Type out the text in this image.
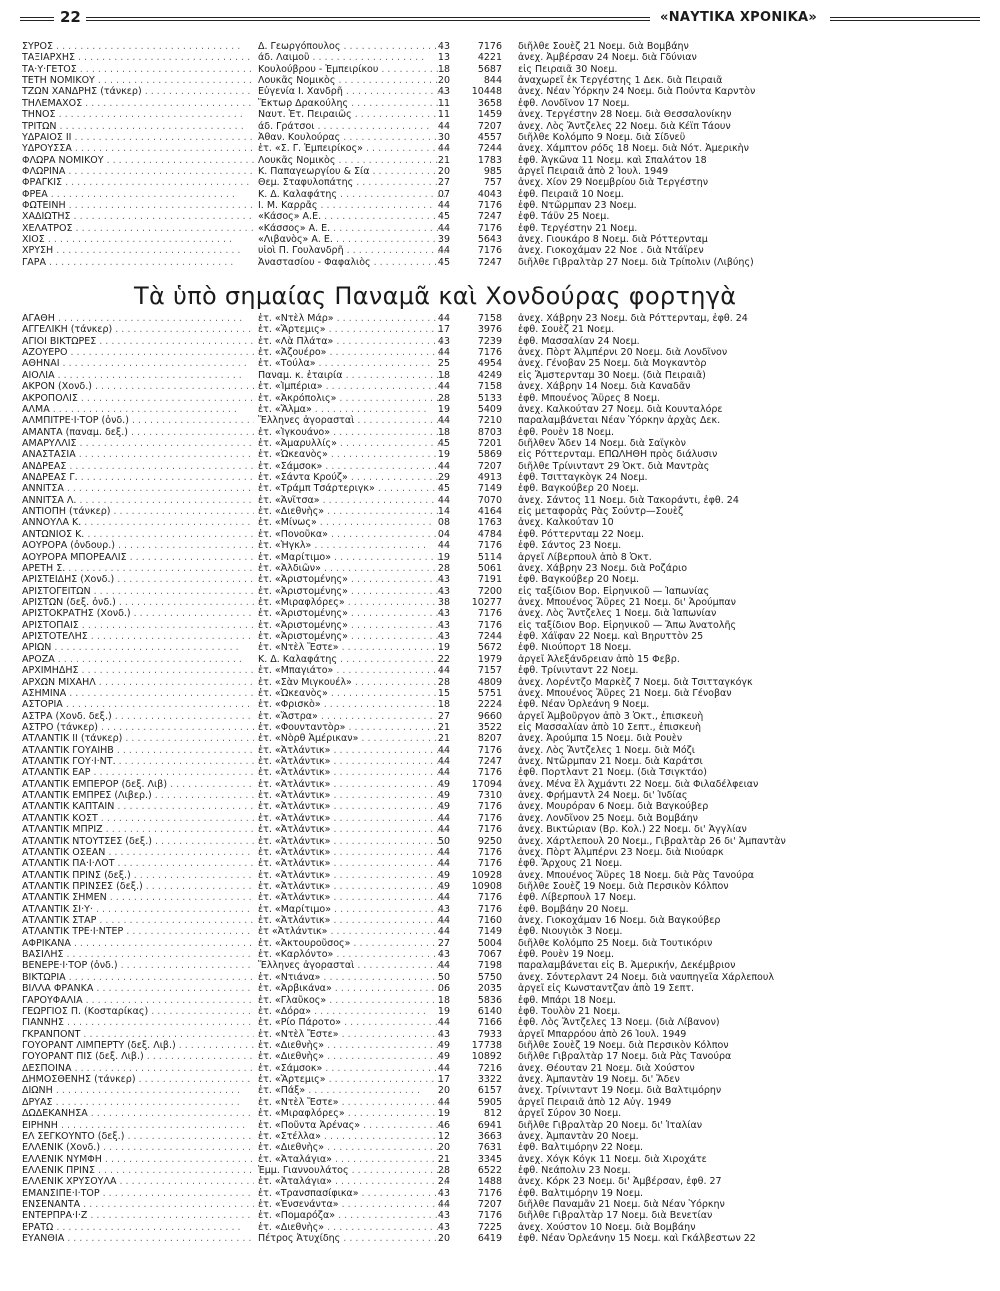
22	«ΝΑΥΤΙΚΑ ΧΡΟΝΙΚΑ»
ΣΥΡΟΣ . . .	Δ. Γεωργόπουλος . . .	43	7176 διῆλθε Σουὲζ 21 Νοεμ. διὰ Βομβάην
ΤΑΞΙΑΡΧΗΣ . . .	άδ. Λαιμοῦ . . .	13	4221 ἀνεχ. Ἀμβέρσαν 24 Νοεμ. διὰ Γδύνιαν
ΤΑ·Υ·ΓΕΤΟΣ . . .	Κουλούβρου - Ἐμπειρίκου . . .	18	5687 εἰς Πειραιᾶ 30 Νοεμ.
ΤΕΤΗ ΝΟΜΙΚΟΥ . . .	Λουκᾶς Νομικὸς . . .	20	844 ἀναχωρεῖ ἐκ Τεργέστης 1 Δεκ. διὰ Πειραιᾶ
ΤΖΩΝ ΧΑΝΔΡΗΣ (τάνκερ) . . .	Εὐγενία Ι. Χανδρῆ . . .	43	10448 ἀνεχ. Νέαν Ὑόρκην 24 Νοεμ. διὰ Πούντα Καρντὸν
ΤΗΛΕΜΑΧΟΣ . . .	Ἕκτωρ Δρακούλης . . .	11	3658 ἐφθ. Λονδῖνον 17 Νοεμ.
ΤΗΝΟΣ . . .	Ναυτ. Ἑτ. Πειραιῶς . . .	11	1459 ἀνεχ. Τεργέστην 28 Νοεμ. διὰ Θεσσαλονίκην
ΤΡΙΤΩΝ . . .	άδ. Γράτσοι . . .	44	7207 ἀνεχ. Λὸς Ἄντζελες 22 Νοεμ. διὰ Κέϊπ Τάουν
ΥΔΡΑΙΟΣ ΙΙ . . .	Ἀθαν. Κουλούρας . . .	30	4557 διῆλθε Κολόμπο 9 Νοεμ. διὰ Σίδνεϋ
ΥΔΡΟΥΣΣΑ . . .	ἑτ. «Σ. Γ. Ἐμπειρίκος» . . .	44	7244 ἀνεχ. Χάμπτον ρόδς 18 Νοεμ. διὰ Νότ. Ἀμερικὴν
ΦΛΩΡΑ ΝΟΜΙΚΟΥ . . .	Λουκᾶς Νομικὸς . . .	21	1783 ἐφθ. Ἀγκῶνα 11 Νοεμ. καὶ Σπαλάτον 18
ΦΛΩΡΙΝΑ . . .	Κ. Παπαγεωργίου & Σία . . .	20	985 ἀργεῖ Πειραιᾶ ἀπὸ 2 Ἰουλ. 1949
ΦΡΑΓΚΙΣ . . .	Θεμ. Σταφυλοπάτης . . .	27	757 ἀνεχ. Χίον 29 Νοεμβρίου διὰ Τεργέστην
ΦΡΕΑ . . .	Κ. Δ. Καλαφάτης . . .	07	4043 ἐφθ. Πειραιᾶ 10 Νοεμ.
ΦΩΤΕΙΝΗ . . .	Ι. Μ. Καρρᾶς . . .	44	7176 ἐφθ. Ντῶρμπαν 23 Νοεμ.
ΧΑΔΙΩΤΗΣ . . .	«Κάσος» Α.Ε. . . .	45	7247 ἐφθ. Τάϋν 25 Νοεμ.
ΧΕΛΑΤΡΟΣ . . .	«Κάσσος» Α. Ε. . . .	44	7176 ἐφθ. Τεργέστην 21 Νοεμ.
ΧΙΟΣ . . .	«Λιβανὸς» Α. Ε. . . .	39	5643 ἀνεχ. Γιουκάρο 8 Νοεμ. διὰ Ρόττερνταμ
ΧΡΥΣΗ . . .	υἱοὶ Π. Γουλανδρῆ . . .	44	7176 ἀνεχ. Γιοκοχάμαν 22 Νοε . διὰ Ντάϊρεν
ΓΑΡΑ . . .	Ἀναστασίου - Φαφαλιὸς . . .	45	7247 διῆλθε Γιβραλτὰρ 27 Νοεμ. διὰ Τρίπολιν (Λιβύης)
Τὰ ὑπὸ σημαίας Παναμᾶ καὶ Χονδούρας φορτηγὰ
ΑΓΑΘΗ . . .	ἑτ. «Ντὲλ Μάρ» . . .	44	7158 ἀνεχ. Χάβρην 23 Νοεμ. διὰ Ρόττερνταμ, ἐφθ. 24
ΑΓΓΕΛΙΚΗ (τάνκερ) . . .	ἑτ. «Ἄρτεμις» . . .	17	3976 ἐφθ. Σουὲζ 21 Νοεμ.
ΑΓΙΟΙ ΒΙΚΤΩΡΕΣ . . .	ἑτ. «Λὰ Πλάτα» . . .	43	7239 ἐφθ. Μασσαλίαν 24 Νοεμ.
ΑΖΟΥΕΡΟ . . .	ἑτ. «Ἀζουέρο» . . .	44	7176 ἀνεχ. Πὸρτ Ἀλμπέρνι 20 Νοεμ. διὰ Λονδῖνον
ΑΘΗΝΑΙ . . .	ἑτ. «Τούλα» . . .	25	4954 ἀνεχ. Γένοβαν 25 Νοεμ. διὰ Μογκαντὸρ
ΑΙΟΛΙΑ . . .	Παναμ. κ. ἑταιρία . . .	18	4249 εἰς Ἄμστερνταμ 30 Νοεμ. (διὰ Πειραιᾶ)
ΑΚΡΟΝ (Χονδ.) . . .	ἑτ. «Ἰμπέρια» . . .	44	7158 ἀνεχ. Χάβρην 14 Νοεμ. διὰ Καναδᾶν
ΑΚΡΟΠΟΛΙΣ . . .	ἑτ. «Ἀκρόπολις» . . .	28	5133 ἐφθ. Μπουένος Ἄϋρες 8 Νοεμ.
ΑΛΜΑ . . .	ἑτ. «Ἄλμα» . . .	19	5409 ἀνεχ. Καλκούταν 27 Νοεμ. διὰ Κουνταλόρε
ΑΛΜΠΙΤΡΕ·Ι·ΤΟΡ (ὀνδ.) . . .	Ἕλληνες ἀγορασταὶ . . .	44	7210 παραλαμβάνεται Νέαν Ὑόρκην ἀρχὰς Δεκ.
ΑΜΑΝΤΑ (παναμ. δεξ.) . . .	ἑτ. «Ἰγκουάνο» . . .	18	8703 ἐφθ. Ρουὲν 18 Νοεμ.
ΑΜΑΡΥΛΛΙΣ . . .	ἑτ. «Ἀμαρυλλίς» . . .	45	7201 διῆλθεν Ἄδεν 14 Νοεμ. διὰ Σαϊγκὸν
ΑΝΑΣΤΑΣΙΑ . . .	ἑτ. «Ὠκεανὸς» . . .	19	5869 εἰς Ρόττερνταμ. ΕΠΩΛΗΘΗ πρὸς διάλυσιν
ΑΝΔΡΕΑΣ . . .	ἑτ. «Σάμσοκ» . . .	44	7207 διῆλθε Τρίνινταντ 29 Ὀκτ. διὰ Μαντρὰς
ΑΝΔΡΕΑΣ Γ. . . .	ἑτ. «Σάντα Κρούζ» . . .	29	4913 ἐφθ. Τσιτταγκὸγκ 24 Νοεμ.
ΑΝΝΙΤΣΑ . . .	ἑτ. «Τράμπ Τσάρτεριγκ» . . .	45	7149 ἐφθ. Βαγκούβερ 20 Νοεμ.
ΑΝΝΙΤΣΑ Λ. . . .	ἑτ. «Ἀνῖτσα» . . .	44	7070 ἀνεχ. Σάντος 11 Νοεμ. διὰ Τακοράντι, ἐφθ. 24
ΑΝΤΙΟΠΗ (τάνκερ) . . .	ἑτ. «Διεθνὴς» . . .	14	4164 εἰς μεταφορὰς Ρὰς Σούντρ—Σουὲζ
ΑΝΝΟΥΛΑ Κ. . . .	ἑτ. «Μίνως» . . .	08	1763 ἀνεχ. Καλκούταν 10
ΑΝΤΩΝΙΟΣ Κ. . . .	ἑτ. «Πονοῦκα» . . .	04	4784 ἐφθ. Ρόττερνταμ 22 Νοεμ.
ΑΟΥΡΟΡΑ (ὀνδουρ.) . . .	ἑτ. «Ἠγκλ» . . .	44	7176 ἐφθ. Σάντος 23 Νοεμ.
ΑΟΥΡΟΡΑ ΜΠΟΡΕΑΛΙΣ . . .	ἑτ. «Μαρίτιμο» . . .	19	5114 ἀργεῖ Λίβερπουλ ἀπὸ 8 Ὀκτ.
ΑΡΕΤΗ Σ. . . .	ἑτ. «Ἀλδιῶν» . . .	28	5061 ἀνεχ. Χάβρην 23 Νοεμ. διὰ Ροζάριο
ΑΡΙΣΤΕΙΔΗΣ (Χονδ.) . . .	ἑτ. «Ἀριστομένης» . . .	43	7191 ἐφθ. Βαγκούβερ 20 Νοεμ.
ΑΡΙΣΤΟΓΕΙΤΩΝ . . .	ἑτ. «Ἀριστομένης» . . .	43	7200 εἰς ταξίδιον Βορ. Εἰρηνικοῦ — Ἰαπωνίας
ΑΡΙΣΤΩΝ (δεξ. ὀνδ.) . . .	ἑτ. «Μιραφλόρες» . . .	38	10277 ἀνεχ. Μπουένος Ἄϋρες 21 Νοεμ. δι' Ἀρούμπαν
ΑΡΙΣΤΟΚΡΑΤΗΣ (Χονδ.) . . .	ἑτ. «Ἀριστομένης» . . .	43	7176 ἀνεχ. Λὸς Ἄντζελες 1 Νοεμ. διὰ Ἰαπωνίαν
ΑΡΙΣΤΟΠΑΙΣ . . .	ἑτ. «Ἀριστομένης» . . .	43	7176 εἰς ταξίδιον Βορ. Εἰρηνικοῦ — Ἄπω Ἀνατολῆς
ΑΡΙΣΤΟΤΕΛΗΣ . . .	ἑτ. «Ἀριστομένης» . . .	43	7244 ἐφθ. Χάϊφαν 22 Νοεμ. καὶ Βηρυττὸν 25
ΑΡΙΩΝ . . .	ἑτ. «Ντὲλ Ἔστε» . . .	19	5672 ἐφθ. Νιούπορτ 18 Νοεμ.
ΑΡΟΖΑ . . .	Κ. Δ. Καλαφάτης . . .	22	1979 ἀργεῖ Ἀλεξάνδρειαν ἀπὸ 15 Φεβρ.
ΑΡΧΙΜΗΔΗΣ . . .	ἑτ. «Μπαγιάτο» . . .	44	7157 ἐφθ. Τρίνινταντ 22 Νοεμ.
ΑΡΧΩΝ ΜΙΧΑΗΛ . . .	ἑτ. «Σὰν Μιγκουέλ» . . .	28	4809 ἀνεχ. Λορέντζο Μαρκὲζ 7 Νοεμ. διὰ Τσιτταγκόγκ
ΑΣΗΜΙΝΑ . . .	ἑτ. «Ὠκεανὸς» . . .	15	5751 ἀνεχ. Μπουένος Ἄϋρες 21 Νοεμ. διὰ Γένοβαν
ΑΣΤΟΡΙΑ . . .	ἑτ. «Φρισκὸ» . . .	18	2224 ἐφθ. Νέαν Ὀρλεάνη 9 Νοεμ.
ΑΣΤΡΑ (Χονδ. δεξ.) . . .	ἑτ. «Ἄστρα» . . .	27	9660 ἀργεῖ Ἀμβοῦργον ἀπὸ 3 Ὀκτ., ἐπισκευὴ
ΑΣΤΡΟ (τάνκερ) . . .	ἑτ. «Φουνταντὸρ» . . .	21	3522 εἰς Μασσαλίαν ἀπὸ 10 Σεπτ., ἐπισκευὴ
ΑΤΛΑΝΤΙΚ ΙΙ (τάνκερ) . . .	ἑτ. «Νὸρθ Ἀμέρικαν» . . .	21	8207 ἀνεχ. Ἀρούμπα 15 Νοεμ. διὰ Ρουὲν
ΑΤΛΑΝΤΙΚ ΓΟΥΑΙΗΒ . . .	ἑτ. «Ἀτλάντικ» . . .	44	7176 ἀνεχ. Λὸς Ἄντζελες 1 Νοεμ. διὰ Μόζι
ΑΤΛΑΝΤΙΚ ΓΟΥ·Ι·ΝΤ. . . .	ἑτ. «Ἀτλάντικ» . . .	44	7247 ἀνεχ. Ντῶρμπαν 21 Νοεμ. διὰ Καράτσι
ΑΤΛΑΝΤΙΚ ΕΑΡ . . .	ἑτ. «Ἀτλάντικ» . . .	44	7176 ἐφθ. Πορτλαντ 21 Νοεμ. (διὰ Τσιγκτάο)
ΑΤΛΑΝΤΙΚ ΕΜΠΕΡΟΡ (δεξ. Λιβ) . . .	ἑτ. «Ἀτλάντικ» . . .	49	17094 ἀνεχ. Μένα ἒλ Ἀχμάντι 22 Νοεμ. διὰ Φιλαδέλφειαν
ΑΤΛΑΝΤΙΚ ΕΜΠΡΕΣ (Λιβερ.) . . .	ἑτ. «Ἀτλάντικ» . . .	49	7310 ἀνεχ. Φρήμαντλ 24 Νοεμ. δι' Ἰνδίας
ΑΤΛΑΝΤΙΚ ΚΑΠΤΑΙΝ . . .	ἑτ. «Ἀτλάντικ» . . .	49	7176 ἀνεχ. Μουρόραν 6 Νοεμ. διὰ Βαγκούβερ
ΑΤΛΑΝΤΙΚ ΚΟΣΤ . . .	ἑτ. «Ἀτλάντικ» . . .	44	7176 ἀνεχ. Λονδῖνον 25 Νοεμ. διὰ Βομβάην
ΑΤΛΑΝΤΙΚ ΜΠΡΙΖ . . .	ἑτ. «Ἀτλάντικ» . . .	44	7176 ἀνεχ. Βικτώριαν (Βρ. Κολ.) 22 Νοεμ. δι' Ἀγγλίαν
ΑΤΛΑΝΤΙΚ ΝΤΟΥΤΣΕΣ (δεξ.) . . .	ἑτ. «Ἀτλάντικ» . . .	50	9250 ἀνεχ. Χάρτλεπουλ 20 Νοεμ., Γιβραλτὰρ 26 δι' Ἀμπαντὰν
ΑΤΛΑΝΤΙΚ ΟΣΕΑΝ . . .	ἑτ. «Ἀτλάντικ» . . .	44	7176 ἀνεχ. Πὸρτ Ἀλμπέρνι 23 Νοεμ. διὰ Νιούαρκ
ΑΤΛΑΝΤΙΚ ΠΑ·Ι·ΛΟΤ . . .	ἑτ. «Ἀτλάντικ» . . .	44	7176 ἐφθ. Ἄρχους 21 Νοεμ.
ΑΤΛΑΝΤΙΚ ΠΡΙΝΣ (δεξ.) . . .	ἑτ. «Ἀτλάντικ» . . .	49	10928 ἀνεχ. Μπουένος Ἄϋρες 18 Νοεμ. διὰ Ρὰς Τανούρα
ΑΤΛΑΝΤΙΚ ΠΡΙΝΣΕΣ (δεξ.) . . .	ἑτ. «Ἀτλάντικ» . . .	49	10908 διῆλθε Σουὲζ 19 Νοεμ. διὰ Περσικὸν Κόλπον
ΑΤΛΑΝΤΙΚ ΣΗΜΕΝ . . .	ἑτ. «Ἀτλάντικ» . . .	44	7176 ἐφθ. Λίβερπουλ 17 Νοεμ.
ΑΤΛΑΝΤΙΚ ΣΙ·Υ· . . .	ἑτ. «Μαρίτιμο» . . .	43	7176 ἐφθ. Βομβάην 20 Νοεμ.
ΑΤΛΑΝΤΙΚ ΣΤΑΡ . . .	ἑτ. «Ἀτλάντικ» . . .	44	7160 ἀνεχ. Γιοκοχάμαν 16 Νοεμ. διὰ Βαγκούβερ
ΑΤΛΑΝΤΙΚ ΤΡΕ·Ι·ΝΤΕΡ . . .	ἑτ «Ἀτλάντικ» . . .	44	7149 ἐφθ. Νιουγιὸκ 3 Νοεμ.
ΑΦΡΙΚΑΝΑ . . .	ἑτ. «Ἀκτουροῦσος» . . .	27	5004 διῆλθε Κολόμπο 25 Νοεμ. διὰ Τουτικόριν
ΒΑΣΙΛΗΣ . . .	ἑτ. «Καρλόντο» . . .	43	7067 ἐφθ. Ρουὲν 19 Νοεμ.
ΒΕΝΕΡΕ·Ι·ΤΟΡ (ὀνδ.) . . .	Ἕλληνες ἀγορασταὶ . . .	44	7198 παραλαμβάνεται εἰς Β. Ἀμερικήν, Δεκέμβριον
ΒΙΚΤΩΡΙΑ . . .	ἑτ. «Ντιάνα» . . .	50	5750 ἀνεχ. Σόντερλαντ 24 Νοεμ. διὰ ναυπηγεῖα Χάρλεπουλ
ΒΙΛΛΑ ΦΡΑΝΚΑ . . .	ἑτ. «Ἀρβικάνα» . . .	06	2035 ἀργεῖ εἰς Κωνσταντζαν ἀπὸ 19 Σεπτ.
ΓΑΡΟΥΦΑΛΙΑ . . .	ἑτ. «Γλαῦκος» . . .	18	5836 ἐφθ. Μπάρι 18 Νοεμ.
ΓΕΩΡΓΙΟΣ Π. (Κοσταρίκας) . . .	ἑτ. «Δόρα» . . .	19	6140 ἐφθ. Τουλὸν 21 Νοεμ.
ΓΙΑΝΝΗΣ . . .	ἑτ. «Ρίο Πάροτο» . . .	44	7166 ἐφθ. Λὸς Ἄντζελες 13 Νοεμ. (διὰ Λίβανον)
ΓΚΡΑΝΠΟΝΤ . . .	ἑτ. «Ντὲλ Ἔστε» . . .	43	7933 ἀργεῖ Μπαρρόου ἀπὸ 26 Ἰουλ. 1949
ΓΟΥΟΡΑΝΤ ΛΙΜΠΕΡΤΥ (δεξ. Λιβ.) . . .	ἑτ. «Διεθνὴς» . . .	49	17738 διῆλθε Σουὲζ 19 Νοεμ. διὰ Περσικὸν Κόλπον
ΓΟΥΟΡΑΝΤ ΠΙΣ (δεξ. Λιβ.) . . .	ἑτ. «Διεθνὴς» . . .	49	10892 διῆλθε Γιβραλτὰρ 17 Νοεμ. διὰ Ρὰς Τανούρα
ΔΕΣΠΟΙΝΑ . . .	ἑτ. «Σάμσοκ» . . .	44	7216 ἀνεχ. Θέουταν 21 Νοεμ. διὰ Χούστον
ΔΗΜΟΣΘΕΝΗΣ (τάνκερ) . . .	ἑτ. «Ἄρτεμις» . . .	17	3322 ἀνεχ. Ἀμπαντὰν 19 Νοεμ. δι' Ἄδεν
ΔΙΩΝΗ . . .	ἑτ. «Πάξ» . . .	20	6157 ἀνεχ. Τρίνινταντ 19 Νοεμ. διὰ Βαλτιμόρην
ΔΡΥΑΣ . . .	ἑτ. «Ντὲλ Ἔστε» . . .	44	5905 ἀργεῖ Πειραιᾶ ἀπὸ 12 Αὐγ. 1949
ΔΩΔΕΚΑΝΗΣΑ . . .	ἑτ. «Μιραφλόρες» . . .	19	812 ἀργεῖ Σύρον 30 Νοεμ.
ΕΙΡΗΝΗ . . .	ἑτ. «Ποῦντα Ἀρένας» . . .	46	6941 διῆλθε Γιβραλτὰρ 20 Νοεμ. δι' Ἰταλίαν
ΕΛ ΣΕΓΚΟΥΝΤΟ (δεξ.) . . .	ἑτ. «Στέλλα» . . .	12	3663 ἀνεχ. Ἀμπαντὰν 20 Νοεμ.
ΕΛΛΕΝΙΚ (Χονδ.) . . .	ἑτ. «Διεθνὴς» . . .	20	7631 ἐφθ. Βαλτιμόρην 22 Νοεμ.
ΕΛΛΕΝΙΚ ΝΥΜΦΗ . . .	ἑτ. «Ἀταλάγια» . . .	21	3345 ἀνεχ. Χόγκ Κόγκ 11 Νοεμ. διὰ Χιροχάτε
ΕΛΛΕΝΙΚ ΠΡΙΝΣ . . .	Ἐμμ. Γιαννουλάτος . . .	28	6522 ἐφθ. Νεάπολιν 23 Νοεμ.
ΕΛΛΕΝΙΚ ΧΡΥΣΟΥΛΑ . . .	ἑτ. «Ἀταλάγια» . . .	24	1488 ἀνεχ. Κόρκ 23 Νοεμ. δι' Ἀμβέρσαν, ἐφθ. 27
ΕΜΑΝΣΙΠΕ·Ι·ΤΟΡ . . .	ἑτ. «Τρανσπασίφικα» . . .	43	7176 ἐφθ. Βαλτιμόρην 19 Νοεμ.
ΕΝΣΕΝΑΝΤΑ . . .	ἑτ. «Ἐνσενάντα» . . .	44	7207 διῆλθε Παναμᾶν 21 Νοεμ. διὰ Νέαν Ὑόρκην
ΕΝΤΕΡΠΡΑ·Ι·Ζ . . .	ἑτ. «Πομαρόζα» . . .	43	7176 διῆλθε Γιβραλτὰρ 17 Νοεμ. διὰ Βενετίαν
ΕΡΑΤΩ . . .	ἑτ. «Διεθνὴς» . . .	43	7225 ἀνεχ. Χούστον 10 Νοεμ. διὰ Βομβάην
ΕΥΑΝΘΙΑ . . .	Πέτρος Ἀτυχίδης . . .	20	6419 ἐφθ. Νέαν Ὀρλεάνην 15 Νοεμ. καὶ Γκάλβεστων 22
